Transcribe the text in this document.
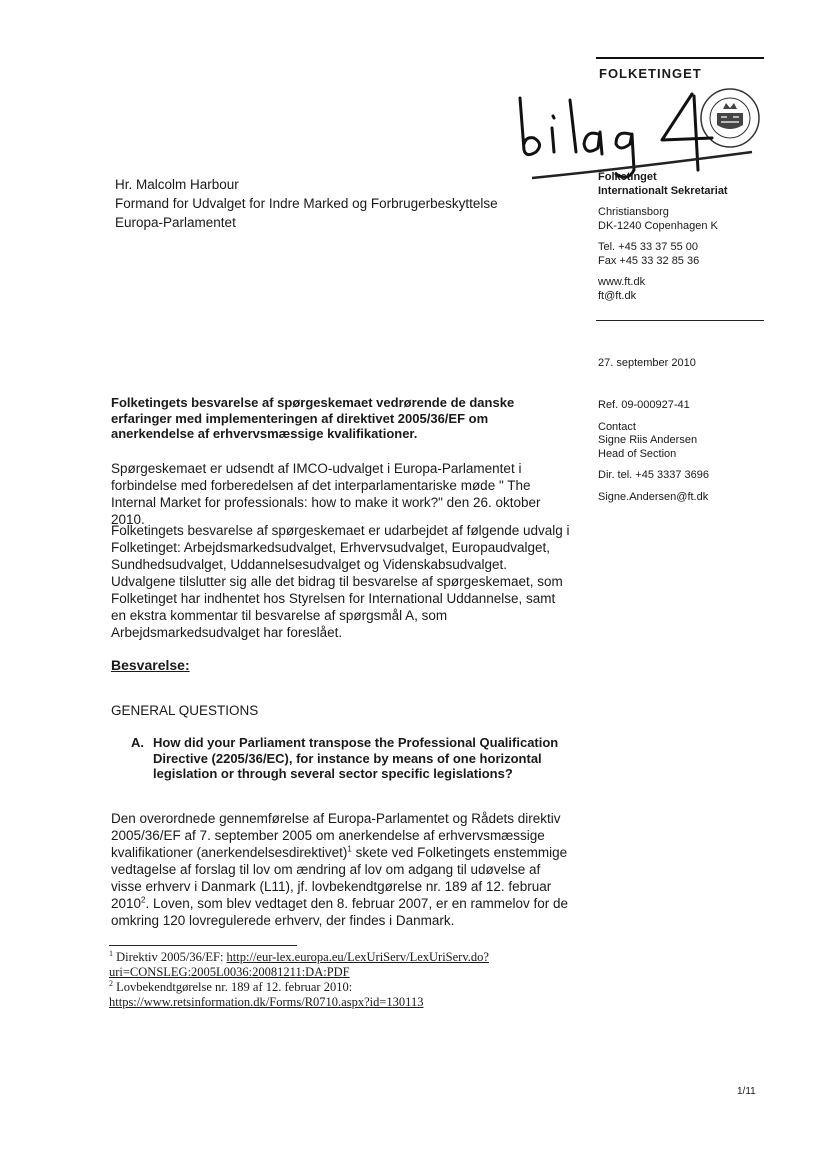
FOLKETINGET
Hr. Malcolm Harbour
Formand for Udvalget for Indre Marked og Forbrugerbeskyttelse
Europa-Parlamentet
Folketinget
Internationalt Sekretariat
Christiansborg
DK-1240 Copenhagen K
Tel. +45 33 37 55 00
Fax +45 33 32 85 36
www.ft.dk
ft@ft.dk
27. september 2010
Ref. 09-000927-41
Contact
Signe Riis Andersen
Head of Section
Dir. tel. +45 3337 3696
Signe.Andersen@ft.dk
Folketingets besvarelse af spørgeskemaet vedrørende de danske erfaringer med implementeringen af direktivet 2005/36/EF om anerkendelse af erhvervsmæssige kvalifikationer.
Spørgeskemaet er udsendt af IMCO-udvalget i Europa-Parlamentet i forbindelse med forberedelsen af det interparlamentariske møde " The Internal Market for professionals: how to make it work?" den 26. oktober 2010.
Folketingets besvarelse af spørgeskemaet er udarbejdet af følgende udvalg i Folketinget: Arbejdsmarkedsudvalget, Erhvervsudvalget, Europaudvalget, Sundhedsudvalget, Uddannelsesudvalget og Videnskabsudvalget. Udvalgene tilslutter sig alle det bidrag til besvarelse af spørgeskemaet, som Folketinget har indhentet hos Styrelsen for International Uddannelse, samt en ekstra kommentar til besvarelse af spørgsmål A, som Arbejdsmarkedsudvalget har foreslået.
Besvarelse:
GENERAL QUESTIONS
A. How did your Parliament transpose the Professional Qualification Directive (2205/36/EC), for instance by means of one horizontal legislation or through several sector specific legislations?
Den overordnede gennemførelse af Europa-Parlamentet og Rådets direktiv 2005/36/EF af 7. september 2005 om anerkendelse af erhvervsmæssige kvalifikationer (anerkendelsesdirektivet)$^1$ skete ved Folketingets enstemmige vedtagelse af forslag til lov om ændring af lov om adgang til udøvelse af visse erhverv i Danmark (L11), jf. lovbekendtgørelse nr. 189 af 12. februar 2010$^2$. Loven, som blev vedtaget den 8. februar 2007, er en rammelov for de omkring 120 lovregulerede erhverv, der findes i Danmark.
$^1$ Direktiv 2005/36/EF: http://eur-lex.europa.eu/LexUriServ/LexUriServ.do?uri=CONSLEG:2005L0036:20081211:DA:PDF
$^2$ Lovbekendtgørelse nr. 189 af 12. februar 2010:
https://www.retsinformation.dk/Forms/R0710.aspx?id=130113
1/11
